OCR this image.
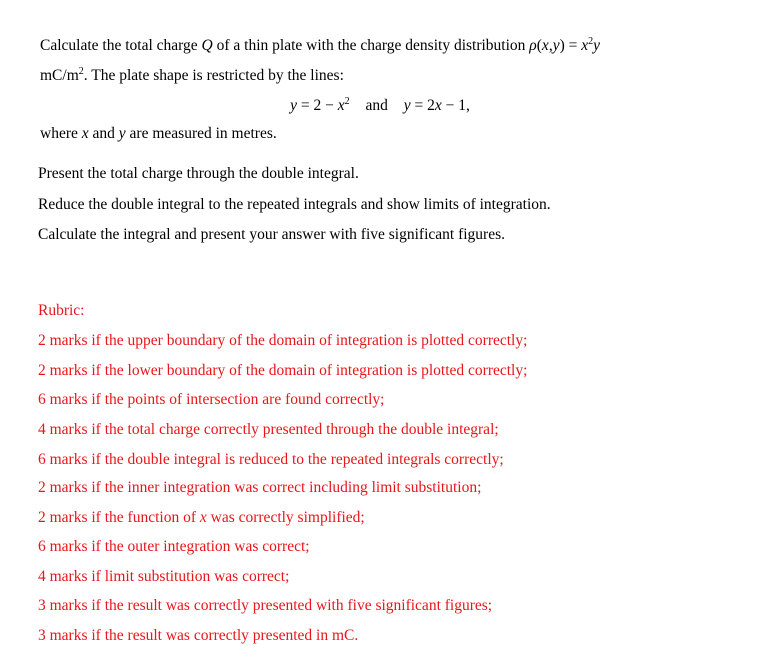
Calculate the total charge Q of a thin plate with the charge density distribution $\rho(x,y) = x^2y$
$mC/m^2$. The plate shape is restricted by the lines:
$y = 2 - x^2$ and y = 2x − 1,
where x and y are measured in metres.
Present the total charge through the double integral.
Reduce the double integral to the repeated integrals and show limits of integration.
Calculate the integral and present your answer with five significant figures.
Rubric:
2 marks if the upper boundary of the domain of integration is plotted correctly;
2 marks if the lower boundary of the domain of integration is plotted correctly;
6 marks if the points of intersection are found correctly;
4 marks if the total charge correctly presented through the double integral;
6 marks if the double integral is reduced to the repeated integrals correctly;
2 marks if the inner integration was correct including limit substitution;
2 marks if the function of x was correctly simplified;
6 marks if the outer integration was correct;
4 marks if limit substitution was correct;
3 marks if the result was correctly presented with five significant figures;
3 marks if the result was correctly presented in mC.
